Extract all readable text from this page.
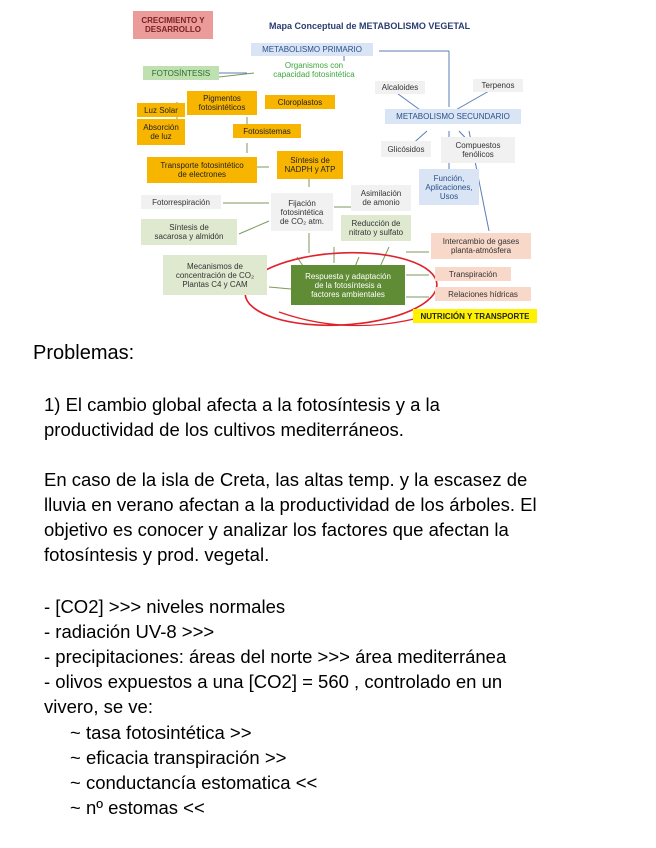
CRECIMIENTO Y
DESARROLLO	Mapa Conceptual de METABOLISMO VEGETAL
METABOLISMO PRIMARIO
Organismos con
capacidad fotosintética
FOTOSÍNTESIS
Alcaloides	Terpenos
Pigmentos
fotosintéticos
Cloroplastos
Luz Solar
Absorción
de luz
METABOLISMO SECUNDARIO
Fotosistemas
Glicósidos	Compuestos
fenólicos
Transporte fotosintético
de electrones
Síntesis de
NADPH y ATP
Función,
Aplicaciones,
Usos
Fotorrespiración	Fijación
fotosintética
de CO₂ atm.
Asimilación
de amonio
Síntesis de
sacarosa y almidón
Reducción de
nitrato y sulfato
Intercambio de gases
planta-atmósfera
Mecanismos de
concentración de CO₂
Plantas C4 y CAM
Respuesta y adaptación
de la fotosíntesis a
factores ambientales
Transpiración
Relaciones hídricas
NUTRICIÓN Y TRANSPORTE
Problemas:
1) El cambio global afecta a la fotosíntesis y a la
productividad de los cultivos mediterráneos.
En caso de la isla de Creta, las altas temp. y la escasez de
lluvia en verano afectan a la productividad de los árboles. El
objetivo es conocer y analizar los factores que afectan la
fotosíntesis y prod. vegetal.
- [CO2] >>> niveles normales
- radiación UV-8 >>>
- precipitaciones: áreas del norte >>> área mediterránea
- olivos expuestos a una [CO2] = 560 , controlado en un
vivero, se ve:
~ tasa fotosintética >>
~ eficacia transpiración >>
~ conductancía estomatica <<
~ nº estomas <<
